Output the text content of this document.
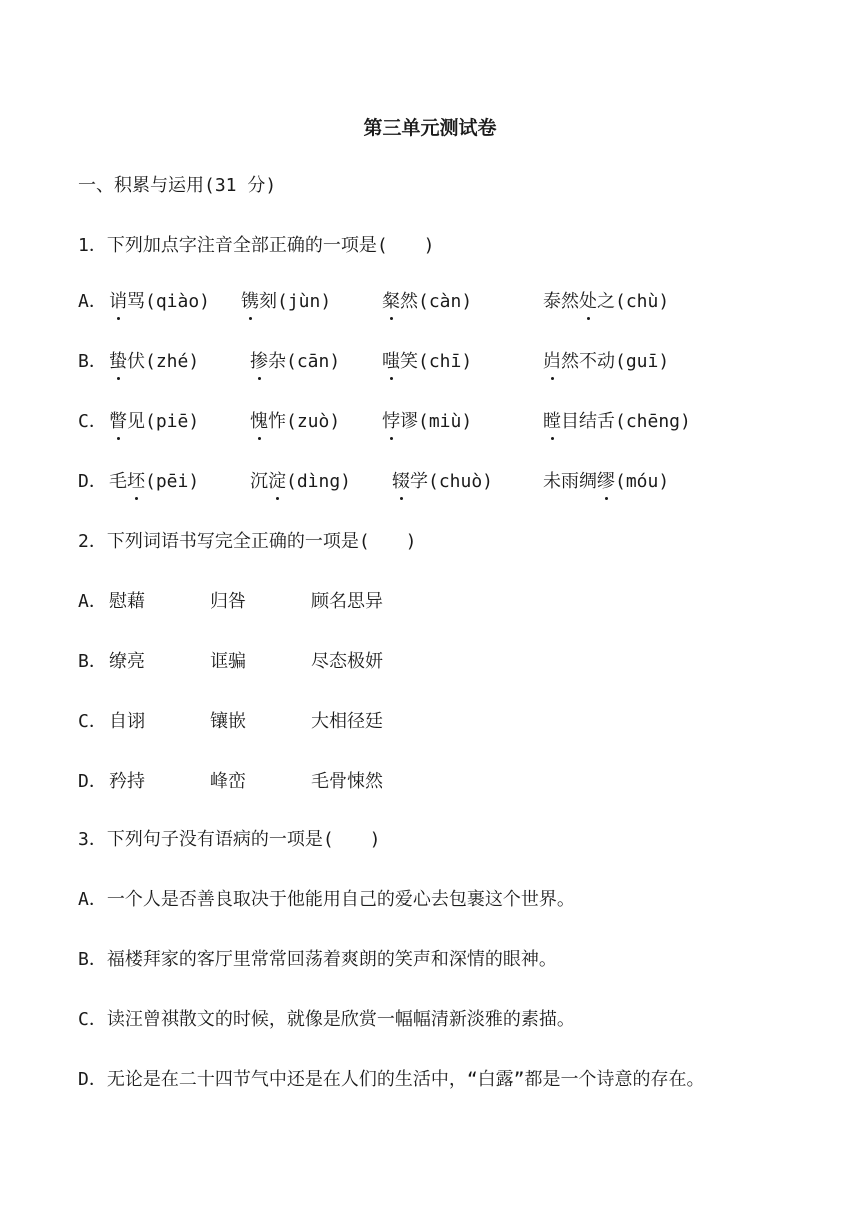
第三单元测试卷
一、积累与运用(31 分)
1．下列加点字注音全部正确的一项是(　　)
A． 诮骂(qiào) 镌刻(jùn)	粲然(càn)	泰然处之(chù)
B． 蛰伏(zhé)	掺杂(cān) 嗤笑(chī)	岿然不动(guī)
C． 瞥见(piē)	愧怍(zuò) 悖谬(miù)	瞠目结舌(chēng)
D． 毛坯(pēi)	沉淀(dìng) 辍学(chuò)	未雨绸缪(móu)
2．下列词语书写完全正确的一项是(　　)
A． 慰藉	归咎	顾名思异
B． 缭亮	诓骗	尽态极妍
C． 自诩	镶嵌	大相径廷
D． 矜持	峰峦	毛骨悚然
3．下列句子没有语病的一项是(　　)
A．一个人是否善良取决于他能用自己的爱心去包裹这个世界。
B．福楼拜家的客厅里常常回荡着爽朗的笑声和深情的眼神。
C．读汪曾祺散文的时候，就像是欣赏一幅幅清新淡雅的素描。
D．无论是在二十四节气中还是在人们的生活中，“白露”都是一个诗意的存在。
